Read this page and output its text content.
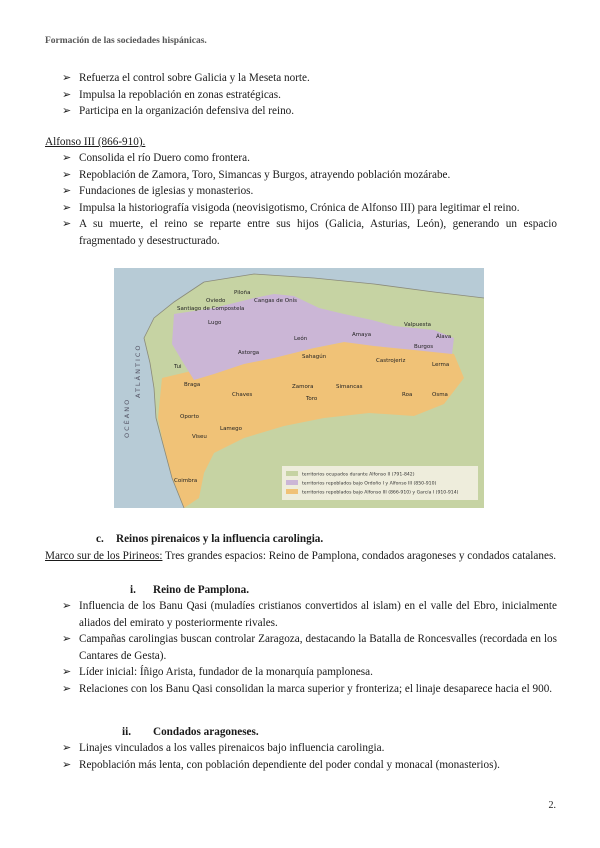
Formación de las sociedades hispánicas.
➢ Refuerza el control sobre Galicia y la Meseta norte.
➢ Impulsa la repoblación en zonas estratégicas.
➢ Participa en la organización defensiva del reino.
Alfonso III (866-910).
➢ Consolida el río Duero como frontera.
➢ Repoblación de Zamora, Toro, Simancas y Burgos, atrayendo población mozárabe.
➢ Fundaciones de iglesias y monasterios.
➢ Impulsa la historiografía visigoda (neovisigotismo, Crónica de Alfonso III) para legitimar el reino.
➢ A su muerte, el reino se reparte entre sus hijos (Galicia, Asturias, León), generando un espacio fragmentado y desestructurado.
OCÉANO
ATLÁNTICO
Piloña
Oviedo	Cangas de Onís
Santiago de Compostela
Lugo
Astorga
León
Sahagún
Amaya
Valpuesta
Álava
Burgos
Castrojeriz
Lerma
Tui
Braga
Chaves
Oporto
Viseu
Lamego
Zamora
Toro
Simancas
Roa	Osma
Coimbra
territorios ocupados durante Alfonso II (791-842)
territorios repoblados bajo Ordoño I y Alfonso III (850-910)
territorios repoblados bajo Alfonso III (866-910) y García I (910-914)
c. Reinos pirenaicos y la influencia carolingia.
Marco sur de los Pirineos: Tres grandes espacios: Reino de Pamplona, condados aragoneses y condados catalanes.
i. Reino de Pamplona.
➢ Influencia de los Banu Qasi (muladíes cristianos convertidos al islam) en el valle del Ebro, inicialmente aliados del emirato y posteriormente rivales.
➢ Campañas carolingias buscan controlar Zaragoza, destacando la Batalla de Roncesvalles (recordada en los Cantares de Gesta).
➢ Líder inicial: Íñigo Arista, fundador de la monarquía pamplonesa.
➢ Relaciones con los Banu Qasi consolidan la marca superior y fronteriza; el linaje desaparece hacia el 900.
ii. Condados aragoneses.
➢ Linajes vinculados a los valles pirenaicos bajo influencia carolingia.
➢ Repoblación más lenta, con población dependiente del poder condal y monacal (monasterios).
2.
